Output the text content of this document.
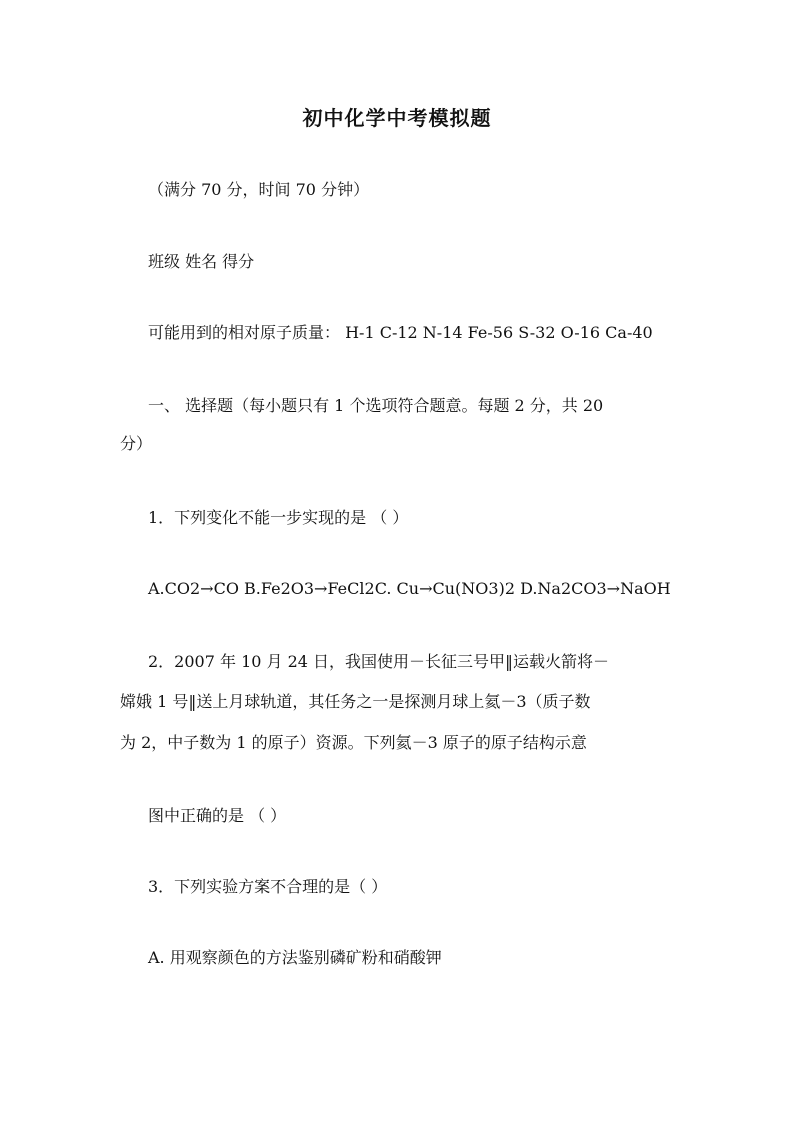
初中化学中考模拟题
（满分 70 分，时间 70 分钟）
班级 姓名 得分
可能用到的相对原子质量： H-1 C-12 N-14 Fe-56 S-32 O-16 Ca-40
一、 选择题（每小题只有 1 个选项符合题意。每题 2 分，共 20
分）
1．下列变化不能一步实现的是 （ ）
A.CO2→CO B.Fe2O3→FeCl2C. Cu→Cu(NO3)2 D.Na2CO3→NaOH
2．2007 年 10 月 24 日，我国使用－长征三号甲‖运载火箭将－
嫦娥 1 号‖送上月球轨道，其任务之一是探测月球上氦－3（质子数
为 2，中子数为 1 的原子）资源。下列氦－3 原子的原子结构示意
图中正确的是 （ ）
3．下列实验方案不合理的是（ ）
A. 用观察颜色的方法鉴别磷矿粉和硝酸钾
